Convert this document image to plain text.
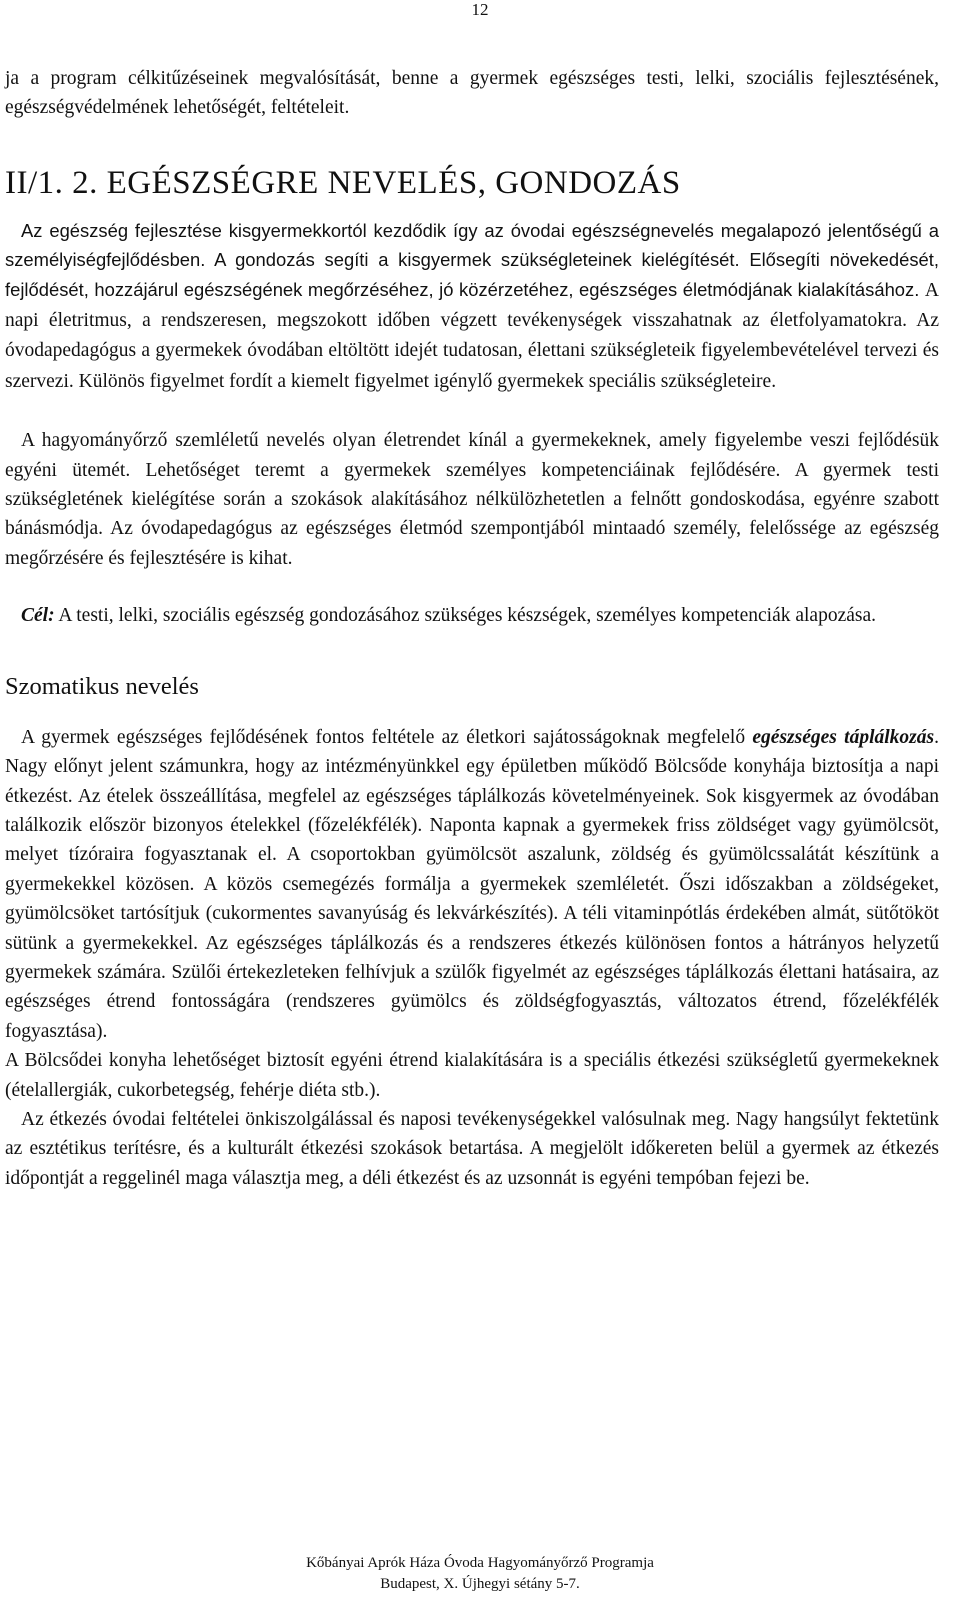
12

ja a program célkitűzéseinek megvalósítását, benne a gyermek egészséges testi, lelki, szociális fejlesztésének, egészségvédelmének lehetőségét, feltételeit.

II/1. 2. EGÉSZSÉGRE NEVELÉS, GONDOZÁS

Az egészség fejlesztése kisgyermekkortól kezdődik így az óvodai egészségnevelés megalapozó jelentőségű a személyiségfejlődésben. A gondozás segíti a kisgyermek szükségleteinek kielégítését. Elősegíti növekedését, fejlődését, hozzájárul egészségének megőrzéséhez, jó közérzetéhez, egészséges életmódjának kialakításához. A napi életritmus, a rendszeresen, megszokott időben végzett tevékenységek visszahatnak az életfolyamatokra. Az óvodapedagógus a gyermekek óvodában eltöltött idejét tudatosan, élettani szükségleteik figyelembevételével tervezi és szervezi. Különös figyelmet fordít a kiemelt figyelmet igénylő gyermekek speciális szükségleteire.

A hagyományőrző szemléletű nevelés olyan életrendet kínál a gyermekeknek, amely figyelembe veszi fejlődésük egyéni ütemét. Lehetőséget teremt a gyermekek személyes kompetenciáinak fejlődésére. A gyermek testi szükségletének kielégítése során a szokások alakításához nélkülözhetetlen a felnőtt gondoskodása, egyénre szabott bánásmódja. Az óvodapedagógus az egészséges életmód szempontjából mintaadó személy, felelőssége az egészség megőrzésére és fejlesztésére is kihat.

Cél: A testi, lelki, szociális egészség gondozásához szükséges készségek, személyes kompetenciák alapozása.

Szomatikus nevelés

A gyermek egészséges fejlődésének fontos feltétele az életkori sajátosságoknak megfelelő egészséges táplálkozás. Nagy előnyt jelent számunkra, hogy az intézményünkkel egy épületben működő Bölcsőde konyhája biztosítja a napi étkezést. Az ételek összeállítása, megfelel az egészséges táplálkozás követelményeinek. Sok kisgyermek az óvodában találkozik először bizonyos ételekkel (főzelékfélék). Naponta kapnak a gyermekek friss zöldséget vagy gyümölcsöt, melyet tízóraira fogyasztanak el. A csoportokban gyümölcsöt aszalunk, zöldség és gyümölcssalátát készítünk a gyermekekkel közösen. A közös csemegézés formálja a gyermekek szemléletét. Őszi időszakban a zöldségeket, gyümölcsöket tartósítjuk (cukormentes savanyúság és lekvárkészítés). A téli vitaminpótlás érdekében almát, sütőtököt sütünk a gyermekekkel. Az egészséges táplálkozás és a rendszeres étkezés különösen fontos a hátrányos helyzetű gyermekek számára. Szülői értekezleteken felhívjuk a szülők figyelmét az egészséges táplálkozás élettani hatásaira, az egészséges étrend fontosságára (rendszeres gyümölcs és zöldségfogyasztás, változatos étrend, főzelékfélék fogyasztása).

A Bölcsődei konyha lehetőséget biztosít egyéni étrend kialakítására is a speciális étkezési szükségletű gyermekeknek (ételallergiák, cukorbetegség, fehérje diéta stb.).

Az étkezés óvodai feltételei önkiszolgálással és naposi tevékenységekkel valósulnak meg. Nagy hangsúlyt fektetünk az esztétikus terítésre, és a kulturált étkezési szokások betartása. A megjelölt időkereten belül a gyermek az étkezés időpontját a reggelinél maga választja meg, a déli étkezést és az uzsonnát is egyéni tempóban fejezi be.

Kőbányai Aprók Háza Óvoda Hagyományőrző Programja
Budapest, X. Újhegyi sétány 5-7.
